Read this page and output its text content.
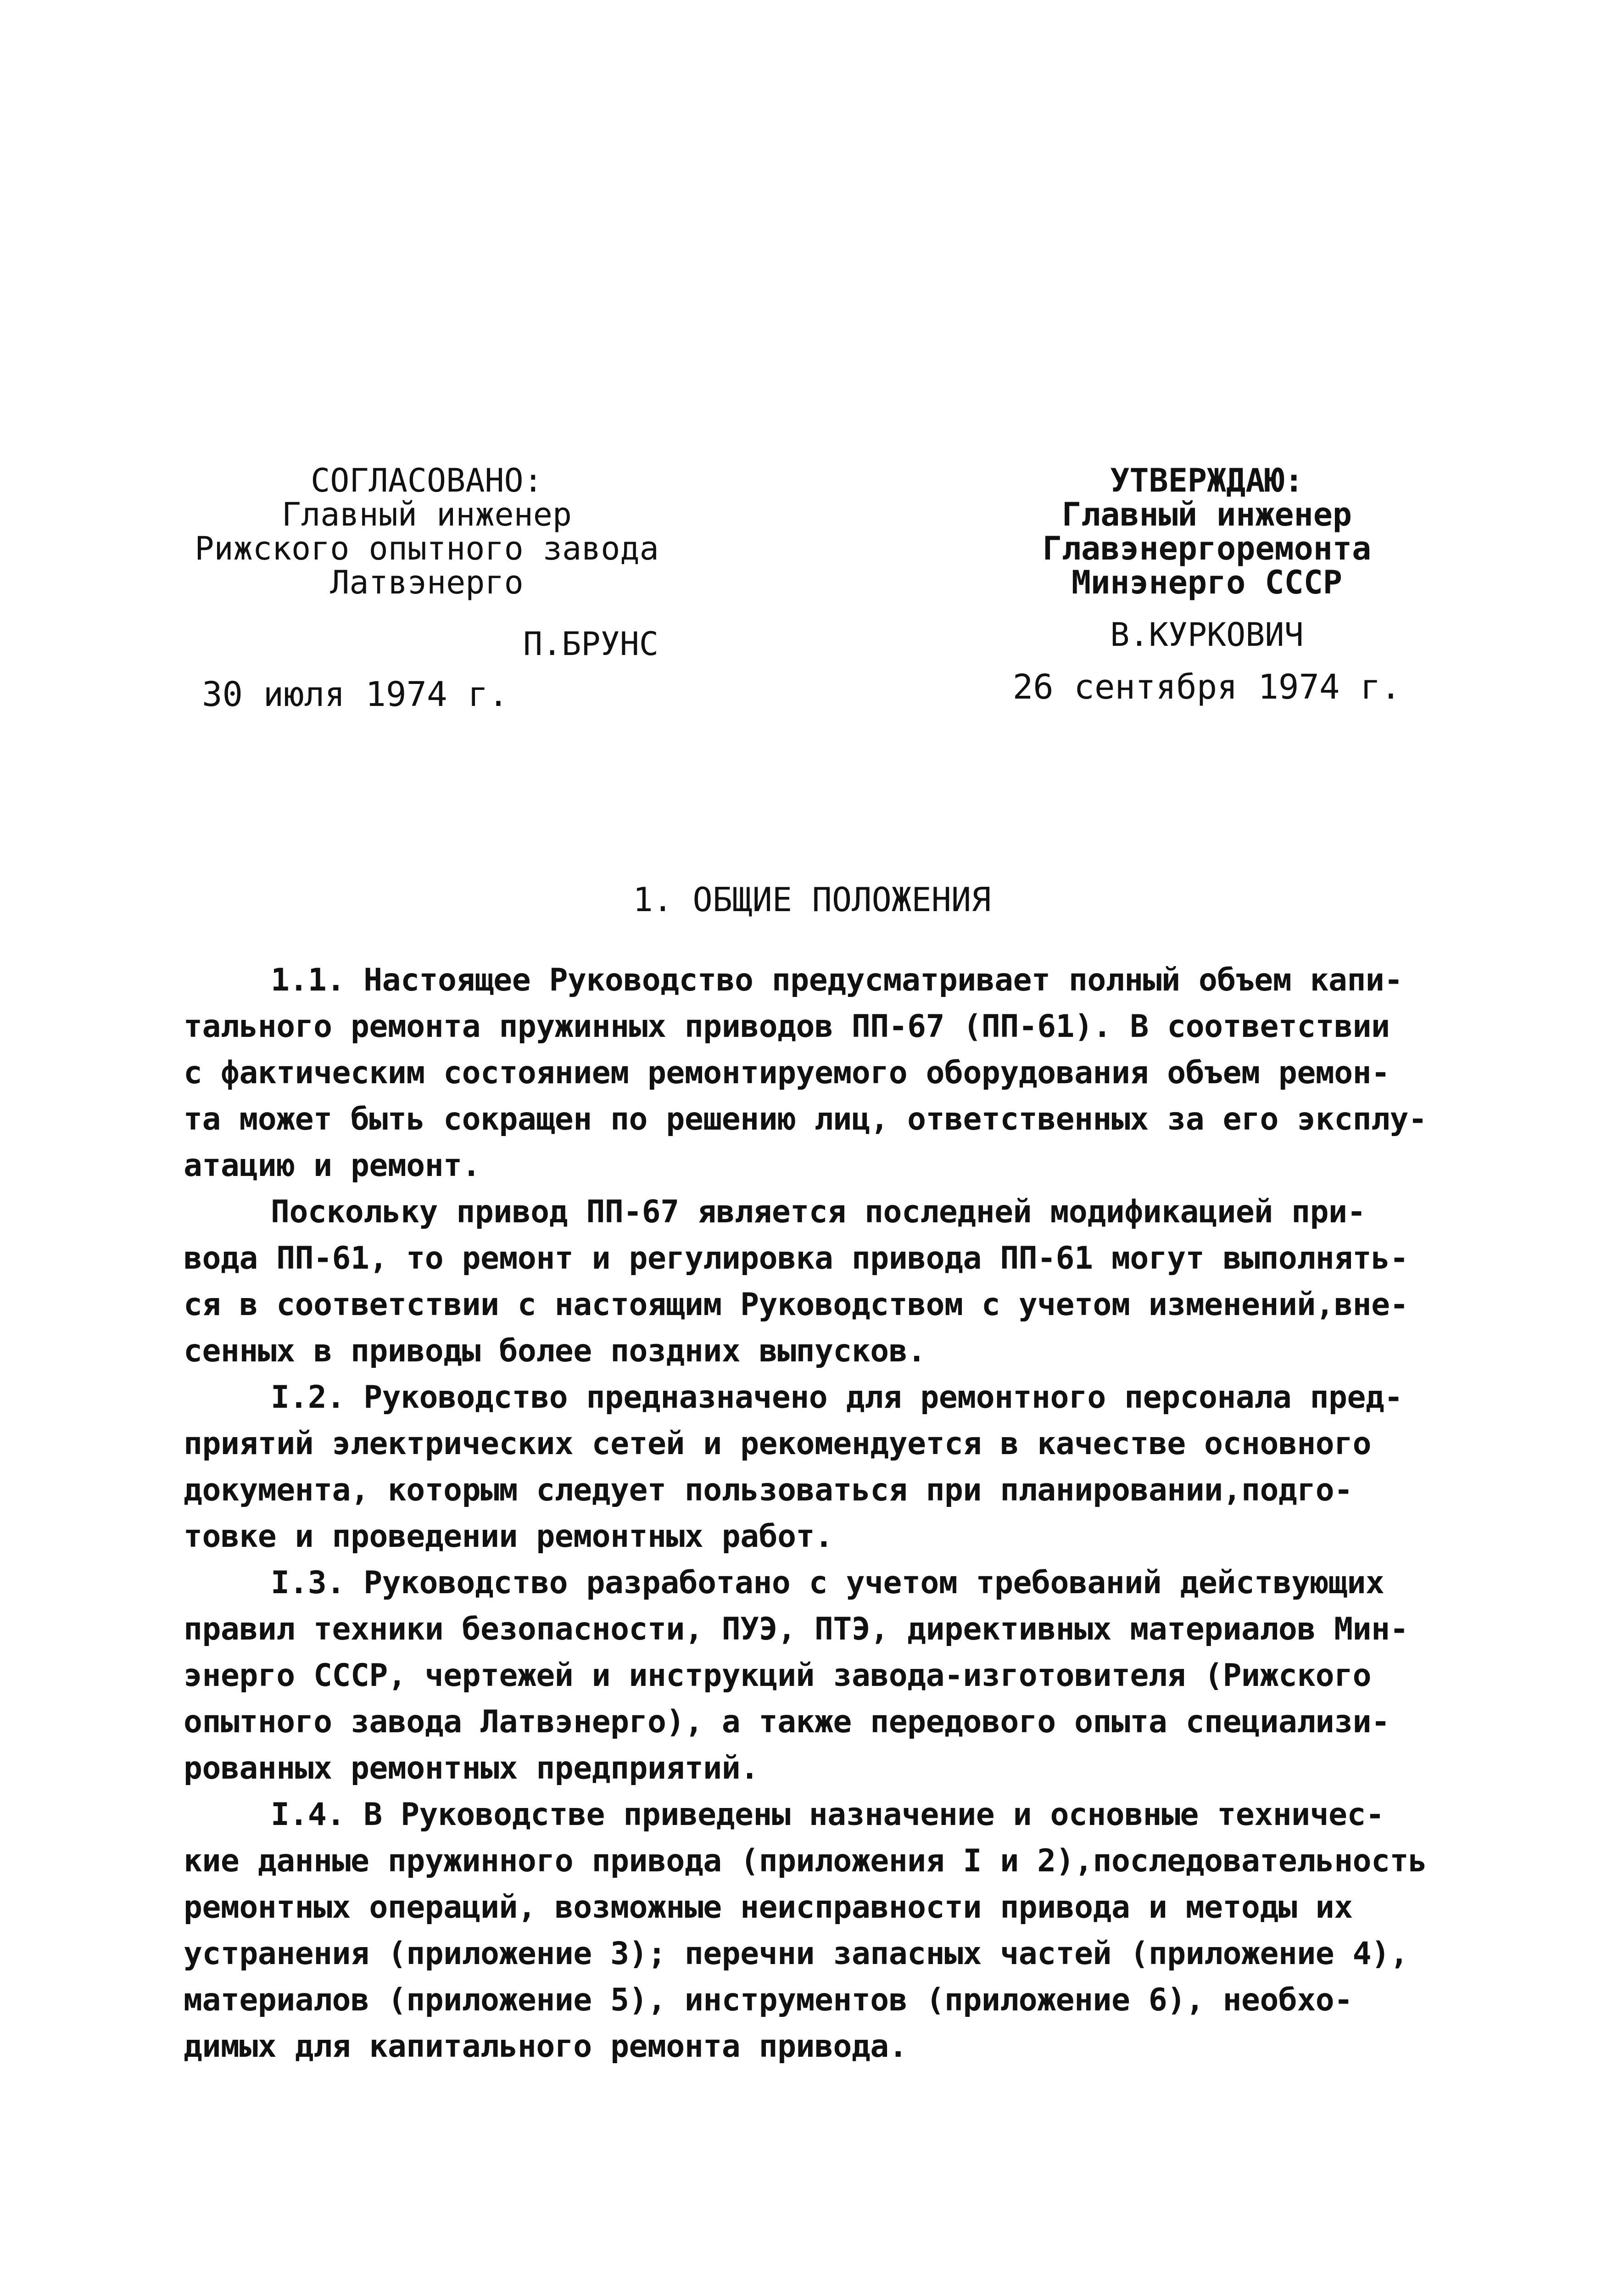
СОГЛАСОВАНО:
Главный инженер
Рижского опытного завода
Латвэнерго
П.БРУНС
30 июля 1974 г.
УТВЕРЖДАЮ:
Главный инженер
Главэнергоремонта
Минэнерго СССР
В.КУРКОВИЧ
26 сентября 1974 г.
1. ОБЩИЕ ПОЛОЖЕНИЯ
1.1. Настоящее Руководство предусматривает полный объем капи-
тального ремонта пружинных приводов ПП-67 (ПП-61). В соответствии
с фактическим состоянием ремонтируемого оборудования объем ремон-
та может быть сокращен по решению лиц, ответственных за его эксплу-
атацию и ремонт.
Поскольку привод ПП-67 является последней модификацией при-
вода ПП-61, то ремонт и регулировка привода ПП-61 могут выполнять-
ся в соответствии с настоящим Руководством с учетом изменений,вне-
сенных в приводы более поздних выпусков.
I.2. Руководство предназначено для ремонтного персонала пред-
приятий электрических сетей и рекомендуется в качестве основного
документа, которым следует пользоваться при планировании,подго-
товке и проведении ремонтных работ.
I.3. Руководство разработано с учетом требований действующих
правил техники безопасности, ПУЭ, ПТЭ, директивных материалов Мин-
энерго СССР, чертежей и инструкций завода-изготовителя (Рижского
опытного завода Латвэнерго), а также передового опыта специализи-
рованных ремонтных предприятий.
I.4. В Руководстве приведены назначение и основные техничес-
кие данные пружинного привода (приложения I и 2),последовательность
ремонтных операций, возможные неисправности привода и методы их
устранения (приложение 3); перечни запасных частей (приложение 4),
материалов (приложение 5), инструментов (приложение 6), необхо-
димых для капитального ремонта привода.
